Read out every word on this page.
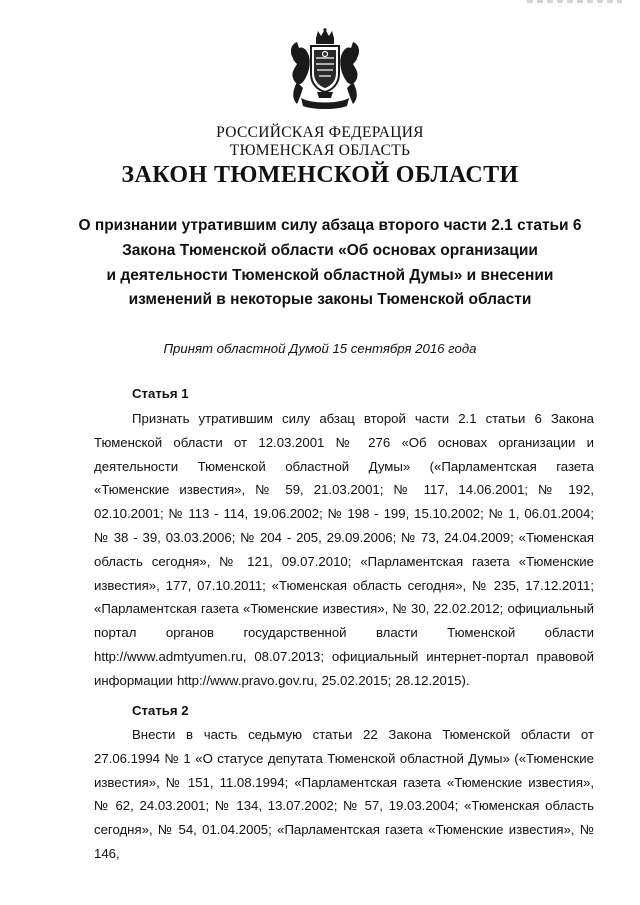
РОССИЙСКАЯ ФЕДЕРАЦИЯ
ТЮМЕНСКАЯ ОБЛАСТЬ
ЗАКОН ТЮМЕНСКОЙ ОБЛАСТИ
О признании утратившим силу абзаца второго части 2.1 статьи 6
Закона Тюменской области «Об основах организации
и деятельности Тюменской областной Думы» и внесении
изменений в некоторые законы Тюменской области
Принят областной Думой 15 сентября 2016 года
Статья 1
Признать утратившим силу абзац второй части 2.1 статьи 6 Закона Тюменской области от 12.03.2001 № 276 «Об основах организации и деятельности Тюменской областной Думы» («Парламентская газета «Тюменские известия», № 59, 21.03.2001; № 117, 14.06.2001; № 192, 02.10.2001; № 113 - 114, 19.06.2002; № 198 - 199, 15.10.2002; № 1, 06.01.2004; № 38 - 39, 03.03.2006; № 204 - 205, 29.09.2006; № 73, 24.04.2009; «Тюменская область сегодня», № 121, 09.07.2010; «Парламентская газета «Тюменские известия», 177, 07.10.2011; «Тюменская область сегодня», № 235, 17.12.2011; «Парламентская газета «Тюменские известия», № 30, 22.02.2012; официальный портал органов государственной власти Тюменской области http://www.admtyumen.ru, 08.07.2013; официальный интернет-портал правовой информации http://www.pravo.gov.ru, 25.02.2015; 28.12.2015).
Статья 2
Внести в часть седьмую статьи 22 Закона Тюменской области от 27.06.1994 № 1 «О статусе депутата Тюменской областной Думы» («Тюменские известия», № 151, 11.08.1994; «Парламентская газета «Тюменские известия», № 62, 24.03.2001; № 134, 13.07.2002; № 57, 19.03.2004; «Тюменская область сегодня», № 54, 01.04.2005; «Парламентская газета «Тюменские известия», № 146,
